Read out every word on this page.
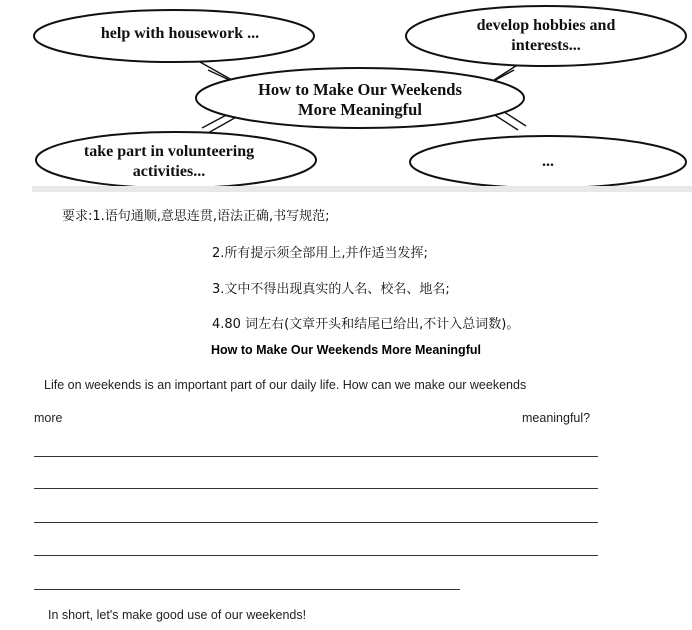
help with housework ...	develop hobbies and
interests...
How to Make Our Weekends
More Meaningful
take part in volunteering
activities...
...
要求:1.语句通顺,意思连贯,语法正确,书写规范;
2.所有提示须全部用上,并作适当发挥;
3.文中不得出现真实的人名、校名、地名;
4.80 词左右(文章开头和结尾已给出,不计入总词数)。
How to Make Our Weekends More Meaningful
Life on weekends is an important part of our daily life. How can we make our weekends
more	meaningful?
In short, let's make good use of our weekends!
